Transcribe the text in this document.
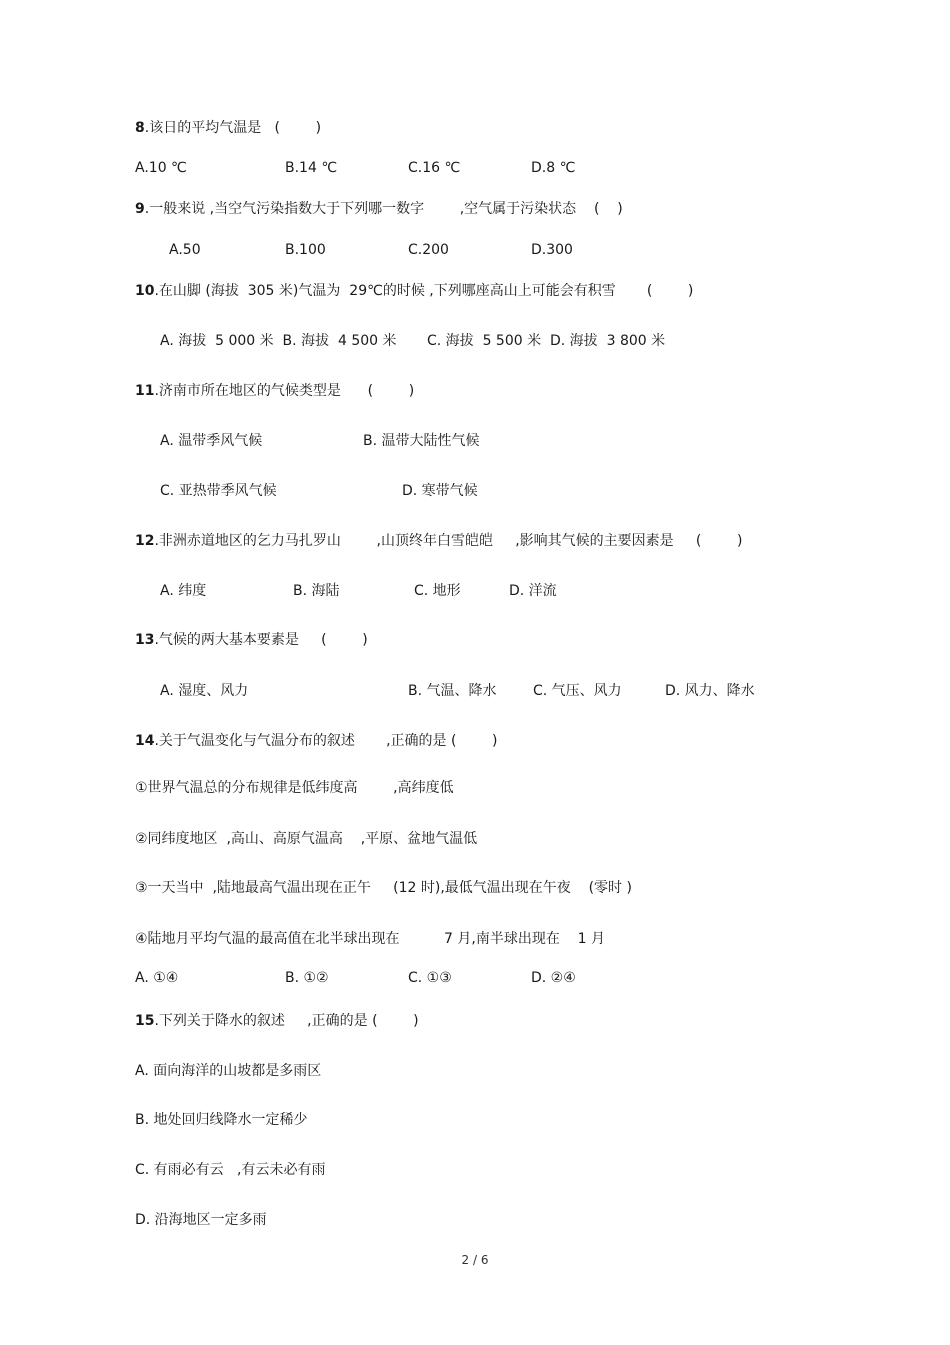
8.该日的平均气温是   (        )
A.10 ℃	B.14 ℃	C.16 ℃	D.8 ℃
9.一般来说 ,当空气污染指数大于下列哪一数字        ,空气属于污染状态    (    )
A.50	B.100	C.200	D.300
10.在山脚 (海拔  305 米)气温为  29℃的时候 ,下列哪座高山上可能会有积雪       (        )
A. 海拔  5 000 米  B. 海拔  4 500 米 C. 海拔  5 500 米  D. 海拔  3 800 米
11.济南市所在地区的气候类型是      (        )
A. 温带季风气候	B. 温带大陆性气候
C. 亚热带季风气候	D. 寒带气候
12.非洲赤道地区的乞力马扎罗山        ,山顶终年白雪皑皑     ,影响其气候的主要因素是     (        )
A. 纬度	B. 海陆	C. 地形	D. 洋流
13.气候的两大基本要素是     (        )
A. 湿度、风力	B. 气温、降水	C. 气压、风力	D. 风力、降水
14.关于气温变化与气温分布的叙述       ,正确的是 (        )
①世界气温总的分布规律是低纬度高        ,高纬度低
②同纬度地区  ,高山、高原气温高    ,平原、盆地气温低
③一天当中  ,陆地最高气温出现在正午     (12 时),最低气温出现在午夜    (零时 )
④陆地月平均气温的最高值在北半球出现在          7 月,南半球出现在    1 月
A. ①④	B. ①②	C. ①③	D. ②④
15.下列关于降水的叙述     ,正确的是 (        )
A. 面向海洋的山坡都是多雨区
B. 地处回归线降水一定稀少
C. 有雨必有云   ,有云未必有雨
D. 沿海地区一定多雨
2 / 6
